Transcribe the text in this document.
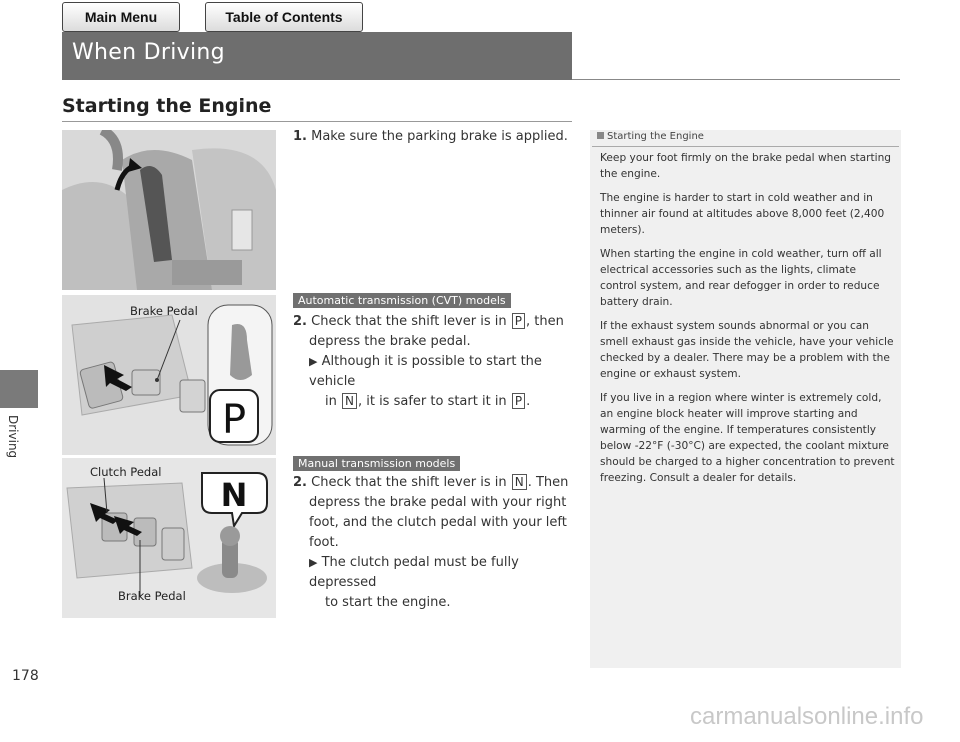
Main Menu	Table of Contents
When Driving
Driving
178
Starting the Engine
P
Brake Pedal
N
Clutch Pedal
Brake Pedal
1. Make sure the parking brake is applied.
Automatic transmission (CVT) models
2. Check that the shift lever is in P , then
depress the brake pedal.
▶ Although it is possible to start the vehicle
in N , it is safer to start it in P .
Manual transmission models
2. Check that the shift lever is in N . Then
depress the brake pedal with your right
foot, and the clutch pedal with your left
foot.
▶ The clutch pedal must be fully depressed
to start the engine.
Starting the Engine

Keep your foot firmly on the brake pedal when starting the engine.

The engine is harder to start in cold weather and in thinner air found at altitudes above 8,000 feet (2,400 meters).

When starting the engine in cold weather, turn off all electrical accessories such as the lights, climate control system, and rear defogger in order to reduce battery drain.

If the exhaust system sounds abnormal or you can smell exhaust gas inside the vehicle, have your vehicle checked by a dealer. There may be a problem with the engine or exhaust system.

If you live in a region where winter is extremely cold, an engine block heater will improve starting and warming of the engine. If temperatures consistently below -22°F (-30°C) are expected, the coolant mixture should be charged to a higher concentration to prevent freezing. Consult a dealer for details.

carmanualsonline.info
